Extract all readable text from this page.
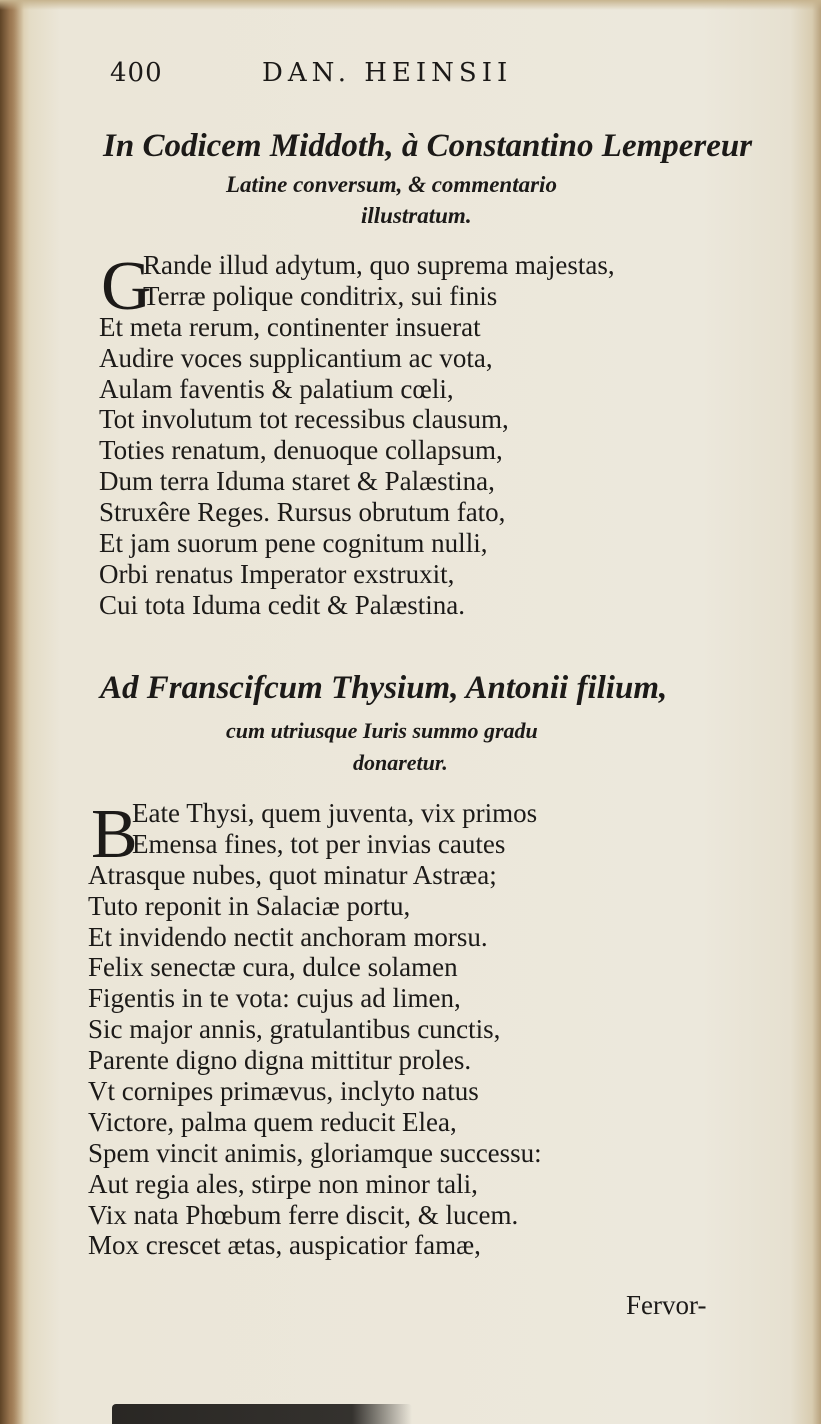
400	DAN. HEINSII
In Codicem Middoth, à Constantino Lempereur
Latine conversum, & commentario
illustratum.
G
Rande illud adytum, quo suprema majestas,
Terræ polique conditrix, sui finis
Et meta rerum, continenter insuerat
Audire voces supplicantium ac vota,
Aulam faventis & palatium cœli,
Tot involutum tot recessibus clausum,
Toties renatum, denuoque collapsum,
Dum terra Iduma staret & Palæstina,
Struxêre Reges. Rursus obrutum fato,
Et jam suorum pene cognitum nulli,
Orbi renatus Imperator exstruxit,
Cui tota Iduma cedit & Palæstina.
Ad Franscifcum Thysium, Antonii filium,
cum utriusque Iuris summo gradu
donaretur.
B
Eate Thysi, quem juventa, vix primos
Emensa fines, tot per invias cautes
Atrasque nubes, quot minatur Astræa;
Tuto reponit in Salaciæ portu,
Et invidendo nectit anchoram morsu.
Felix senectæ cura, dulce solamen
Figentis in te vota: cujus ad limen,
Sic major annis, gratulantibus cunctis,
Parente digno digna mittitur proles.
Vt cornipes primævus, inclyto natus
Victore, palma quem reducit Elea,
Spem vincit animis, gloriamque successu:
Aut regia ales, stirpe non minor tali,
Vix nata Phœbum ferre discit, & lucem.
Mox crescet ætas, auspicatior famæ,
Fervor-
